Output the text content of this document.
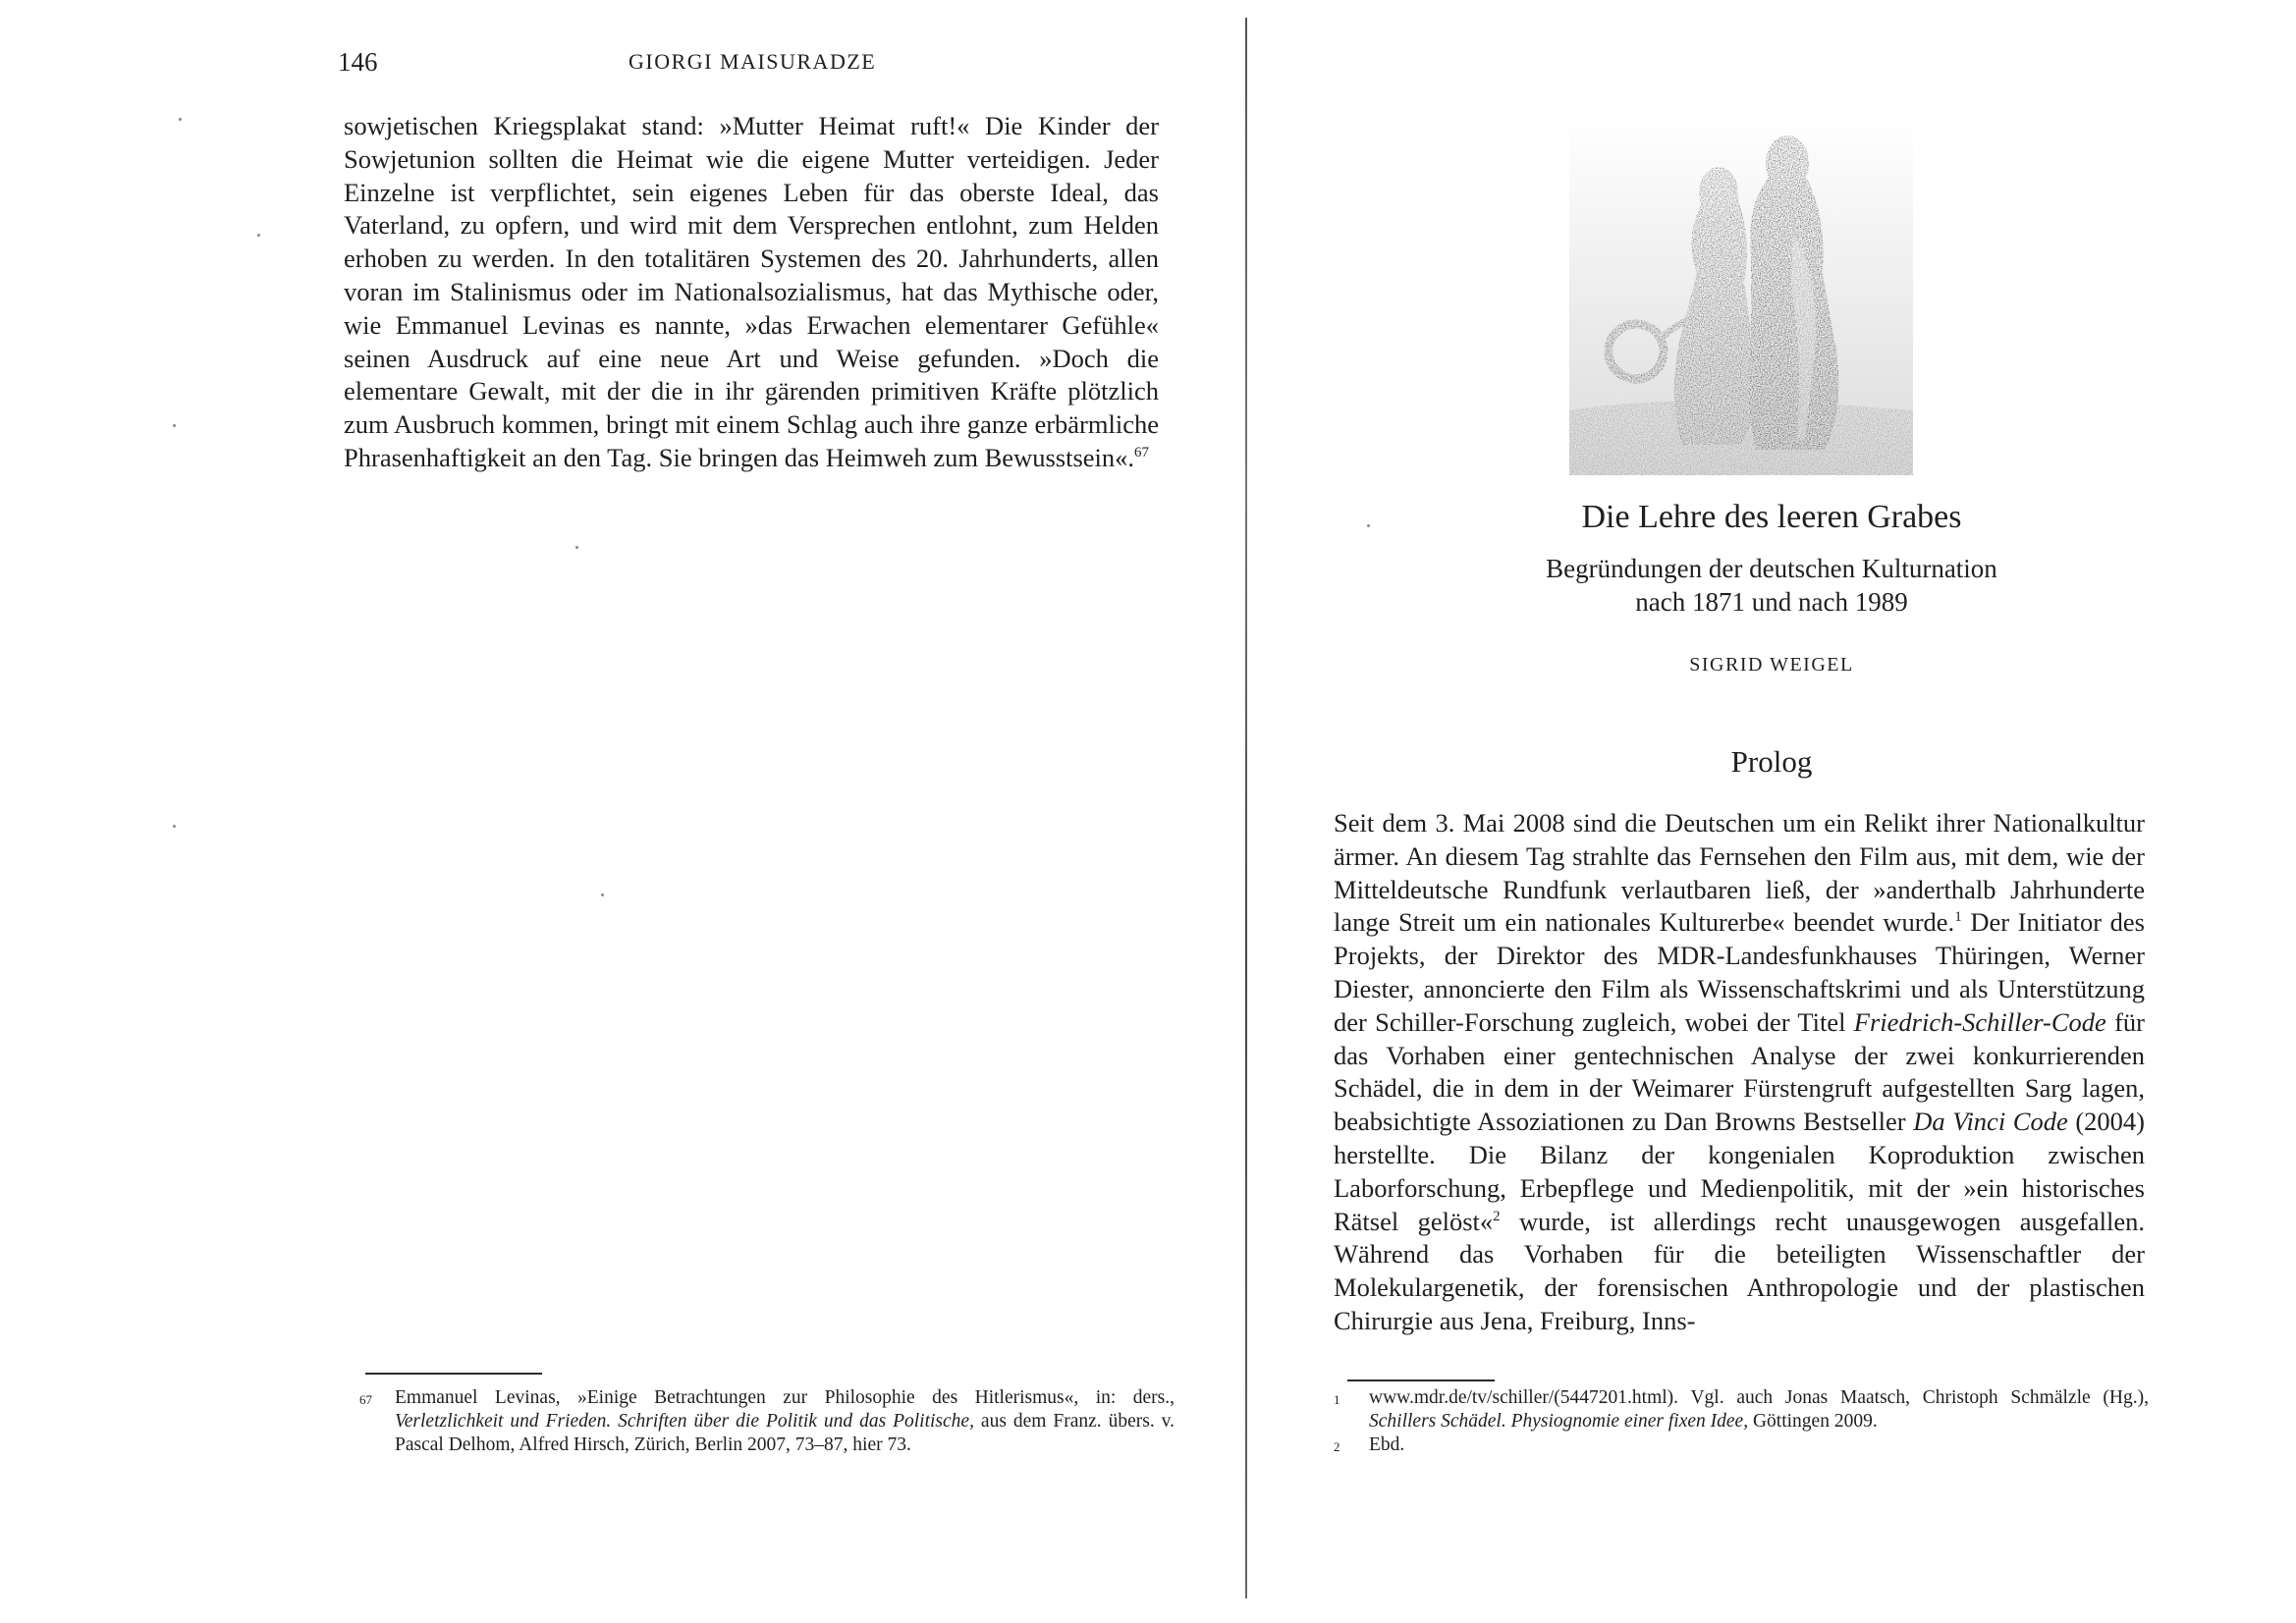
146	GIORGI MAISURADZE

sowjetischen Kriegsplakat stand: »Mutter Heimat ruft!« Die Kinder der Sowjetunion sollten die Heimat wie die eigene Mutter verteidigen. Jeder Einzelne ist verpflichtet, sein eigenes Leben für das oberste Ideal, das Vaterland, zu opfern, und wird mit dem Versprechen entlohnt, zum Helden erhoben zu werden. In den totalitären Systemen des 20. Jahrhunderts, allen voran im Stalinismus oder im Nationalsozialismus, hat das Mythische oder, wie Emmanuel Levinas es nannte, »das Erwachen elementarer Gefühle« seinen Ausdruck auf eine neue Art und Weise gefunden. »Doch die elementare Gewalt, mit der die in ihr gärenden primitiven Kräfte plötzlich zum Ausbruch kommen, bringt mit einem Schlag auch ihre ganze erbärmliche Phrasenhaftigkeit an den Tag. Sie bringen das Heimweh zum Bewusstsein«.$^{67}$

67	Emmanuel Levinas, »Einige Betrachtungen zur Philosophie des Hitlerismus«, in: ders., Verletzlichkeit und Frieden. Schriften über die Politik und das Politische, aus dem Franz. übers. v. Pascal Delhom, Alfred Hirsch, Zürich, Berlin 2007, 73–87, hier 73.
Die Lehre des leeren Grabes
Begründungen der deutschen Kulturnation
nach 1871 und nach 1989
SIGRID WEIGEL
Prolog

Seit dem 3. Mai 2008 sind die Deutschen um ein Relikt ihrer Nationalkultur ärmer. An diesem Tag strahlte das Fernsehen den Film aus, mit dem, wie der Mitteldeutsche Rundfunk verlautbaren ließ, der »anderthalb Jahrhunderte lange Streit um ein nationales Kulturerbe« beendet wurde.$^1$ Der Initiator des Projekts, der Direktor des MDR-Landesfunkhauses Thüringen, Werner Diester, annoncierte den Film als Wissenschaftskrimi und als Unterstützung der Schiller-Forschung zugleich, wobei der Titel Friedrich-Schiller-Code für das Vorhaben einer gentechnischen Analyse der zwei konkurrierenden Schädel, die in dem in der Weimarer Fürstengruft aufgestellten Sarg lagen, beabsichtigte Assoziationen zu Dan Browns Bestseller Da Vinci Code (2004) herstellte. Die Bilanz der kongenialen Koproduktion zwischen Laborforschung, Erbepflege und Medienpolitik, mit der »ein historisches Rätsel gelöst«$^2$ wurde, ist allerdings recht unausgewogen ausgefallen. Während das Vorhaben für die beteiligten Wissenschaftler der Molekulargenetik, der forensischen Anthropologie und der plastischen Chirurgie aus Jena, Freiburg, Inns-

1	www.mdr.de/tv/schiller/(5447201.html). Vgl. auch Jonas Maatsch, Christoph Schmälzle (Hg.), Schillers Schädel. Physiognomie einer fixen Idee, Göttingen 2009.
2	Ebd.
